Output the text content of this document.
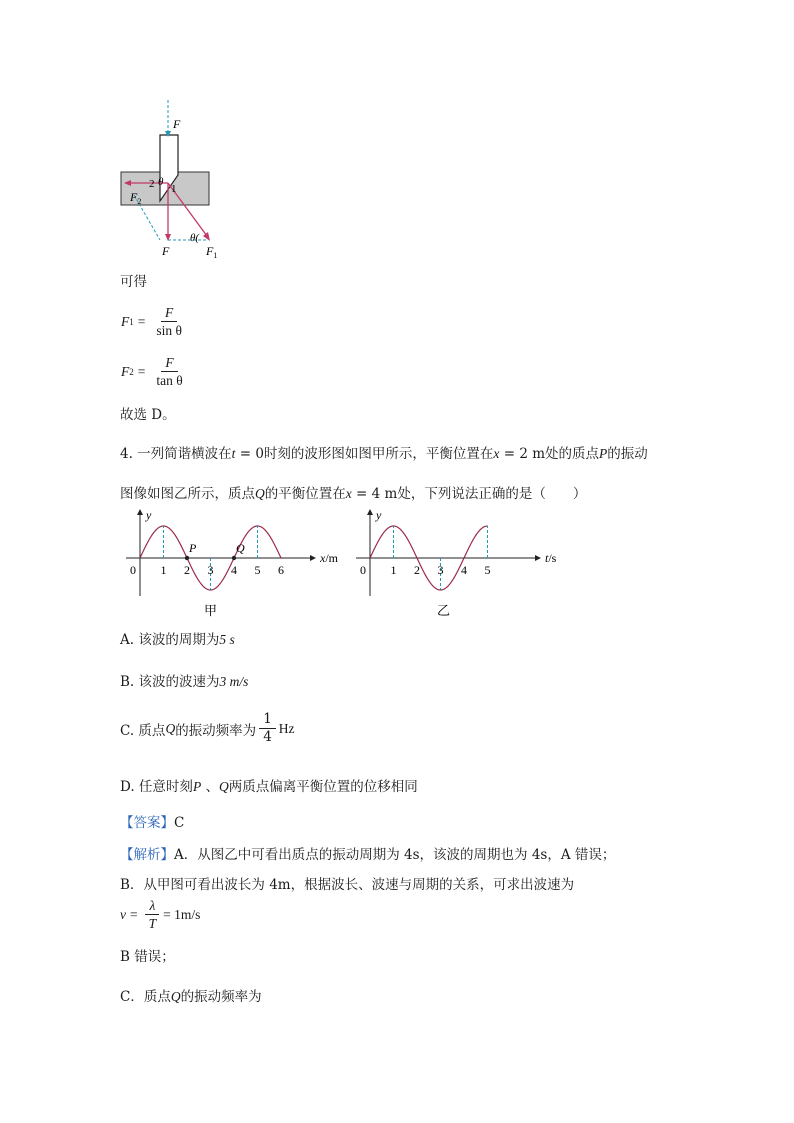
F
2 θ
1
$F_2$
θ(
F	$F_1$
可得
F $1 = \frac{F}{\text{sin θ}}$
F $2 = \frac{F}{\text{tan θ}}$
故选 D。
4. 一列简谐横波在t = 0时刻的波形图如图甲所示，平衡位置在x = 2 m处的质点P的振动
图像如图乙所示，质点Q的平衡位置在x = 4 m处，下列说法正确的是（　　）
y
x/m
0 1 2 3 4 5 6
P	Q
甲
y
t/s
0 1 2 3 4 5
乙
A. 该波的周期为5 s
B. 该波的波速为3 m/s
C. 质点 Q 的振动频率为 $\frac{1}{4}$ Hz
D. 任意时刻P 、Q两质点偏离平衡位置的位移相同
【答案】C
【解析】A．从图乙中可看出质点的振动周期为 4s，该波的周期也为 4s，A 错误；
B．从甲图可看出波长为 4m，根据波长、波速与周期的关系，可求出波速为
$v = \frac{\lambda}{T} = 1m/s$
B 错误；
C．质点Q的振动频率为
